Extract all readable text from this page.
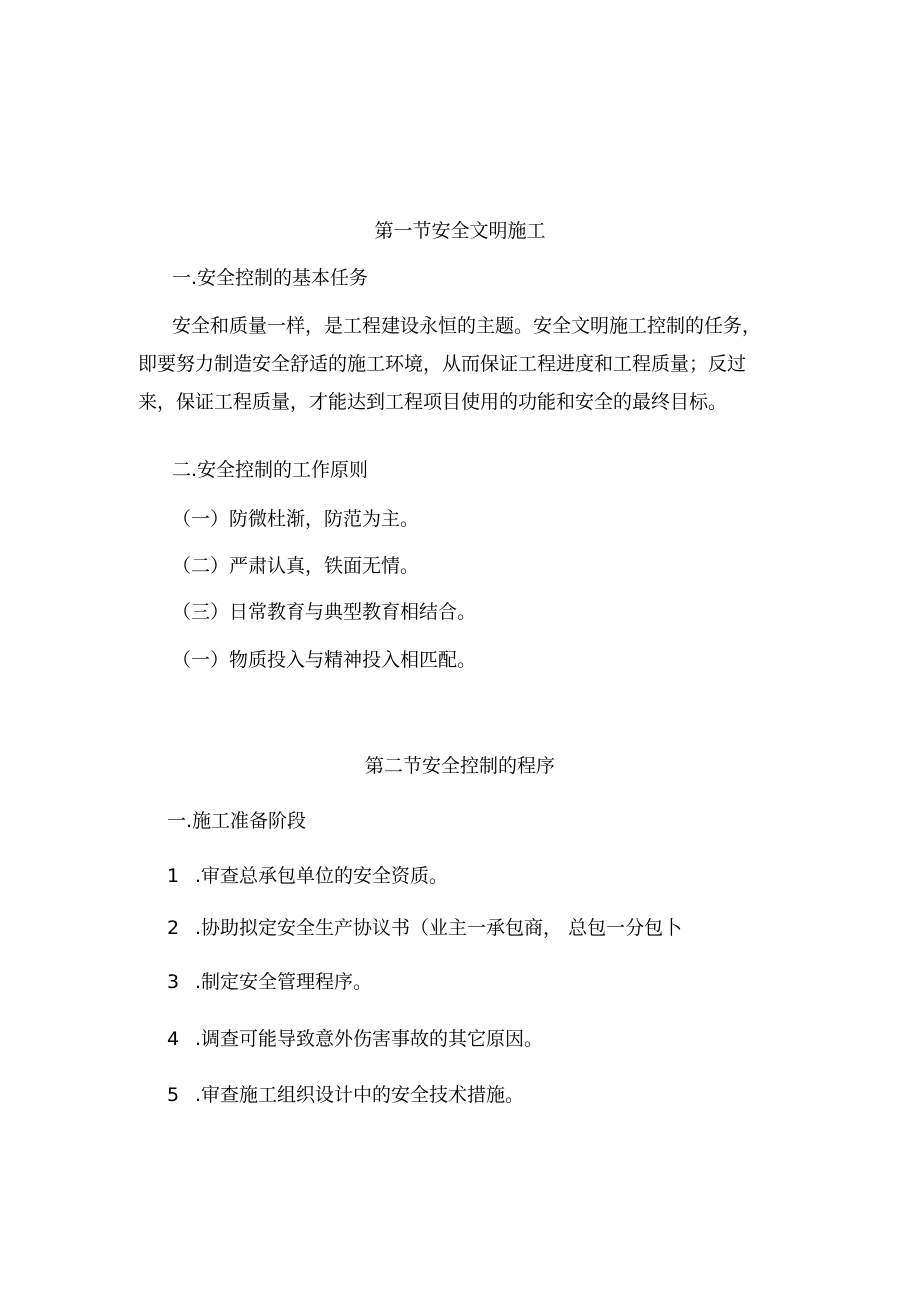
第一节安全文明施工

一.安全控制的基本任务

安全和质量一样，是工程建设永恒的主题。安全文明施工控制的任务，
即要努力制造安全舒适的施工环境，从而保证工程进度和工程质量；反过
来，保证工程质量，才能达到工程项目使用的功能和安全的最终目标。

二.安全控制的工作原则

（一）防微杜渐，防范为主。

（二）严肃认真，铁面无情。

（三）日常教育与典型教育相结合。

（一）物质投入与精神投入相匹配。

第二节安全控制的程序

一.施工准备阶段

1 .审查总承包单位的安全资质。

2 .协助拟定安全生产协议书（业主一承包商， 总包一分包卜

3 .制定安全管理程序。

4 .调查可能导致意外伤害事故的其它原因。

5 .审查施工组织设计中的安全技术措施。
